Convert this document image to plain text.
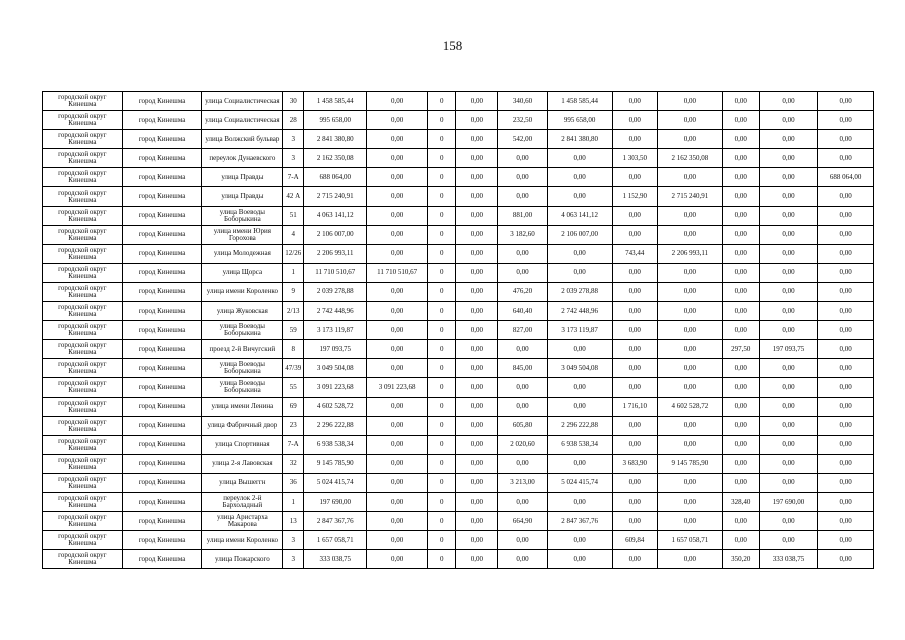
158
городской округ Кинешма	город Кинешма	улица Социалистическая	30	1 458 585,44	0,00	0	0,00	340,60	1 458 585,44	0,00	0,00	0,00	0,00	0,00
городской округ Кинешма	город Кинешма	улица Социалистическая	28	995 658,00	0,00	0	0,00	232,50	995 658,00	0,00	0,00	0,00	0,00	0,00
городской округ Кинешма	город Кинешма	улица Волжский бульвар	3	2 841 380,80	0,00	0	0,00	542,00	2 841 380,80	0,00	0,00	0,00	0,00	0,00
городской округ Кинешма	город Кинешма	переулок Дунаевского	3	2 162 350,08	0,00	0	0,00	0,00	0,00	1 303,50	2 162 350,08	0,00	0,00	0,00
городской округ Кинешма	город Кинешма	улица Правды	7-А	688 064,00	0,00	0	0,00	0,00	0,00	0,00	0,00	0,00	0,00	688 064,00
городской округ Кинешма	город Кинешма	улица Правды	42 А	2 715 240,91	0,00	0	0,00	0,00	0,00	1 152,90	2 715 240,91	0,00	0,00	0,00
городской округ Кинешма	город Кинешма	улица Воеводы Боборыкина	51	4 063 141,12	0,00	0	0,00	881,00	4 063 141,12	0,00	0,00	0,00	0,00	0,00
городской округ Кинешма	город Кинешма	улица имени Юрия Горохова	4	2 106 007,00	0,00	0	0,00	3 182,60	2 106 007,00	0,00	0,00	0,00	0,00	0,00
городской округ Кинешма	город Кинешма	улица Молодежная	12/26	2 206 993,11	0,00	0	0,00	0,00	0,00	743,44	2 206 993,11	0,00	0,00	0,00
городской округ Кинешма	город Кинешма	улица Щорса	1	11 710 510,67	11 710 510,67	0	0,00	0,00	0,00	0,00	0,00	0,00	0,00	0,00
городской округ Кинешма	город Кинешма	улица имени Короленко	9	2 039 278,88	0,00	0	0,00	476,20	2 039 278,88	0,00	0,00	0,00	0,00	0,00
городской округ Кинешма	город Кинешма	улица Жуковская	2/13	2 742 448,96	0,00	0	0,00	640,40	2 742 448,96	0,00	0,00	0,00	0,00	0,00
городской округ Кинешма	город Кинешма	улица Воеводы Боборыкина	59	3 173 119,87	0,00	0	0,00	827,00	3 173 119,87	0,00	0,00	0,00	0,00	0,00
городской округ Кинешма	город Кинешма	проезд 2-й Вичугский	8	197 093,75	0,00	0	0,00	0,00	0,00	0,00	0,00	297,50	197 093,75	0,00
городской округ Кинешма	город Кинешма	улица Воеводы Боборыкина	47/39	3 049 504,08	0,00	0	0,00	845,00	3 049 504,08	0,00	0,00	0,00	0,00	0,00
городской округ Кинешма	город Кинешма	улица Воеводы Боборыкина	55	3 091 223,68	3 091 223,68	0	0,00	0,00	0,00	0,00	0,00	0,00	0,00	0,00
городской округ Кинешма	город Кинешма	улица имени Ленина	69	4 602 528,72	0,00	0	0,00	0,00	0,00	1 716,10	4 602 528,72	0,00	0,00	0,00
городской округ Кинешма	город Кинешма	улица Фабричный двор	23	2 296 222,88	0,00	0	0,00	605,80	2 296 222,88	0,00	0,00	0,00	0,00	0,00
городской округ Кинешма	город Кинешма	улица Спортивная	7-А	6 938 538,34	0,00	0	0,00	2 020,60	6 938 538,34	0,00	0,00	0,00	0,00	0,00
городской округ Кинешма	город Кинешма	улица 2-я Лавовская	32	9 145 785,90	0,00	0	0,00	0,00	0,00	3 683,90	9 145 785,90	0,00	0,00	0,00
городской округ Кинешма	город Кинешма	улица Вышеггн	36	5 024 415,74	0,00	0	0,00	3 213,00	5 024 415,74	0,00	0,00	0,00	0,00	0,00
городской округ Кинешма	город Кинешма	переулок 2-й Бархоладный	1	197 690,00	0,00	0	0,00	0,00	0,00	0,00	0,00	328,40	197 690,00	0,00
городской округ Кинешма	город Кинешма	улица Аристарха Макарова	13	2 847 367,76	0,00	0	0,00	664,90	2 847 367,76	0,00	0,00	0,00	0,00	0,00
городской округ Кинешма	город Кинешма	улица имени Короленко	3	1 657 058,71	0,00	0	0,00	0,00	0,00	609,84	1 657 058,71	0,00	0,00	0,00
городской округ Кинешма	город Кинешма	улица Пожарского	3	333 038,75	0,00	0	0,00	0,00	0,00	0,00	0,00	350,20	333 038,75	0,00
